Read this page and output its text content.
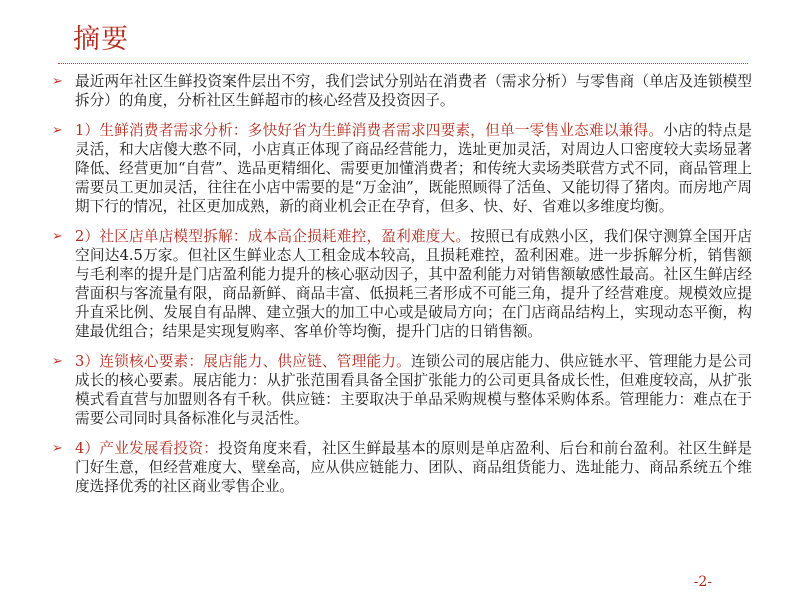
摘要
➢ 最近两年社区生鲜投资案件层出不穷，我们尝试分别站在消费者（需求分析）与零售商（单店及连锁模型拆分）的角度，分析社区生鲜超市的核心经营及投资因子。
➢ 1）生鲜消费者需求分析：多快好省为生鲜消费者需求四要素，但单一零售业态难以兼得。小店的特点是灵活，和大店傻大憨不同，小店真正体现了商品经营能力，选址更加灵活，对周边人口密度较大卖场显著降低、经营更加“自营”、选品更精细化、需要更加懂消费者；和传统大卖场类联营方式不同，商品管理上需要员工更加灵活，往往在小店中需要的是“万金油”，既能照顾得了活鱼、又能切得了猪肉。而房地产周期下行的情况，社区更加成熟，新的商业机会正在孕育，但多、快、好、省难以多维度均衡。
➢ 2）社区店单店模型拆解：成本高企损耗难控，盈利难度大。按照已有成熟小区，我们保守测算全国开店空间达4.5万家。但社区生鲜业态人工租金成本较高，且损耗难控，盈利困难。进一步拆解分析，销售额与毛利率的提升是门店盈利能力提升的核心驱动因子，其中盈利能力对销售额敏感性最高。社区生鲜店经营面积与客流量有限，商品新鲜、商品丰富、低损耗三者形成不可能三角，提升了经营难度。规模效应提升直采比例、发展自有品牌、建立强大的加工中心或是破局方向；在门店商品结构上，实现动态平衡，构建最优组合；结果是实现复购率、客单价等均衡，提升门店的日销售额。
➢ 3）连锁核心要素：展店能力、供应链、管理能力。连锁公司的展店能力、供应链水平、管理能力是公司成长的核心要素。展店能力：从扩张范围看具备全国扩张能力的公司更具备成长性，但难度较高，从扩张模式看直营与加盟则各有千秋。供应链：主要取决于单品采购规模与整体采购体系。管理能力：难点在于需要公司同时具备标准化与灵活性。
➢ 4）产业发展看投资：投资角度来看，社区生鲜最基本的原则是单店盈利、后台和前台盈利。社区生鲜是门好生意，但经营难度大、壁垒高，应从供应链能力、团队、商品组货能力、选址能力、商品系统五个维度选择优秀的社区商业零售企业。
-2-
